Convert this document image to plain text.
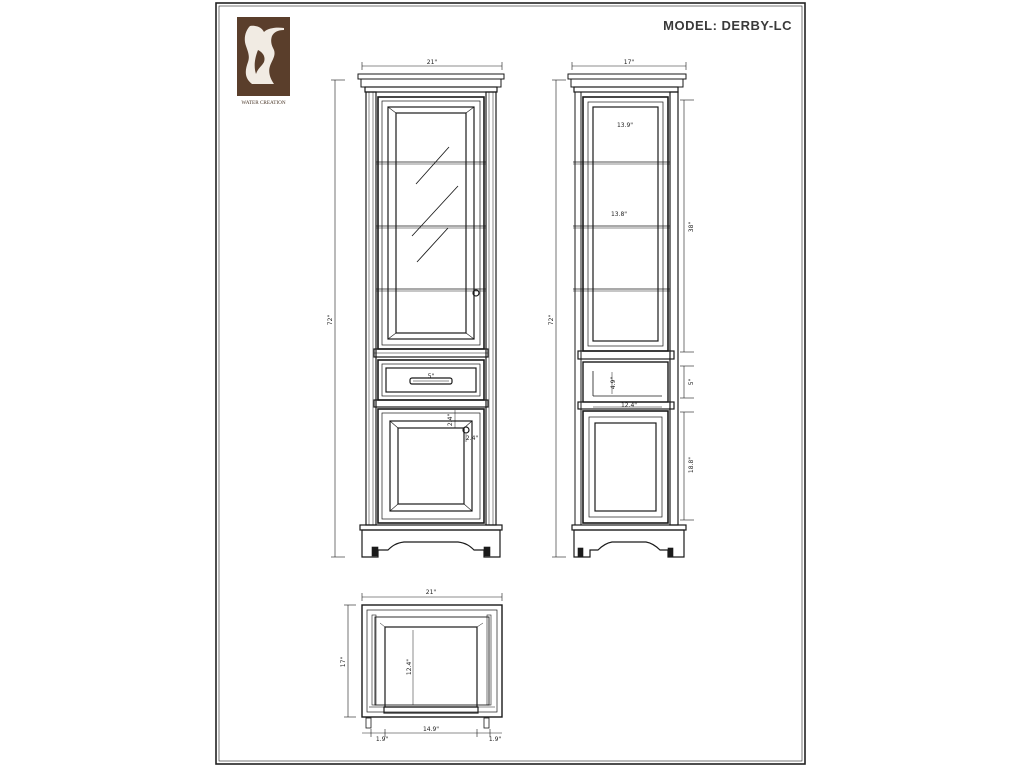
MODEL: DERBY-LC
WATER CREATION
21"
72"
5"
2.4"
2.4"
17"
72"
13.9"
13.8"
38"
4.9"	5"
12.4"
18.8"
21"
17"	12.4"
14.9"
1.9"	1.9"
